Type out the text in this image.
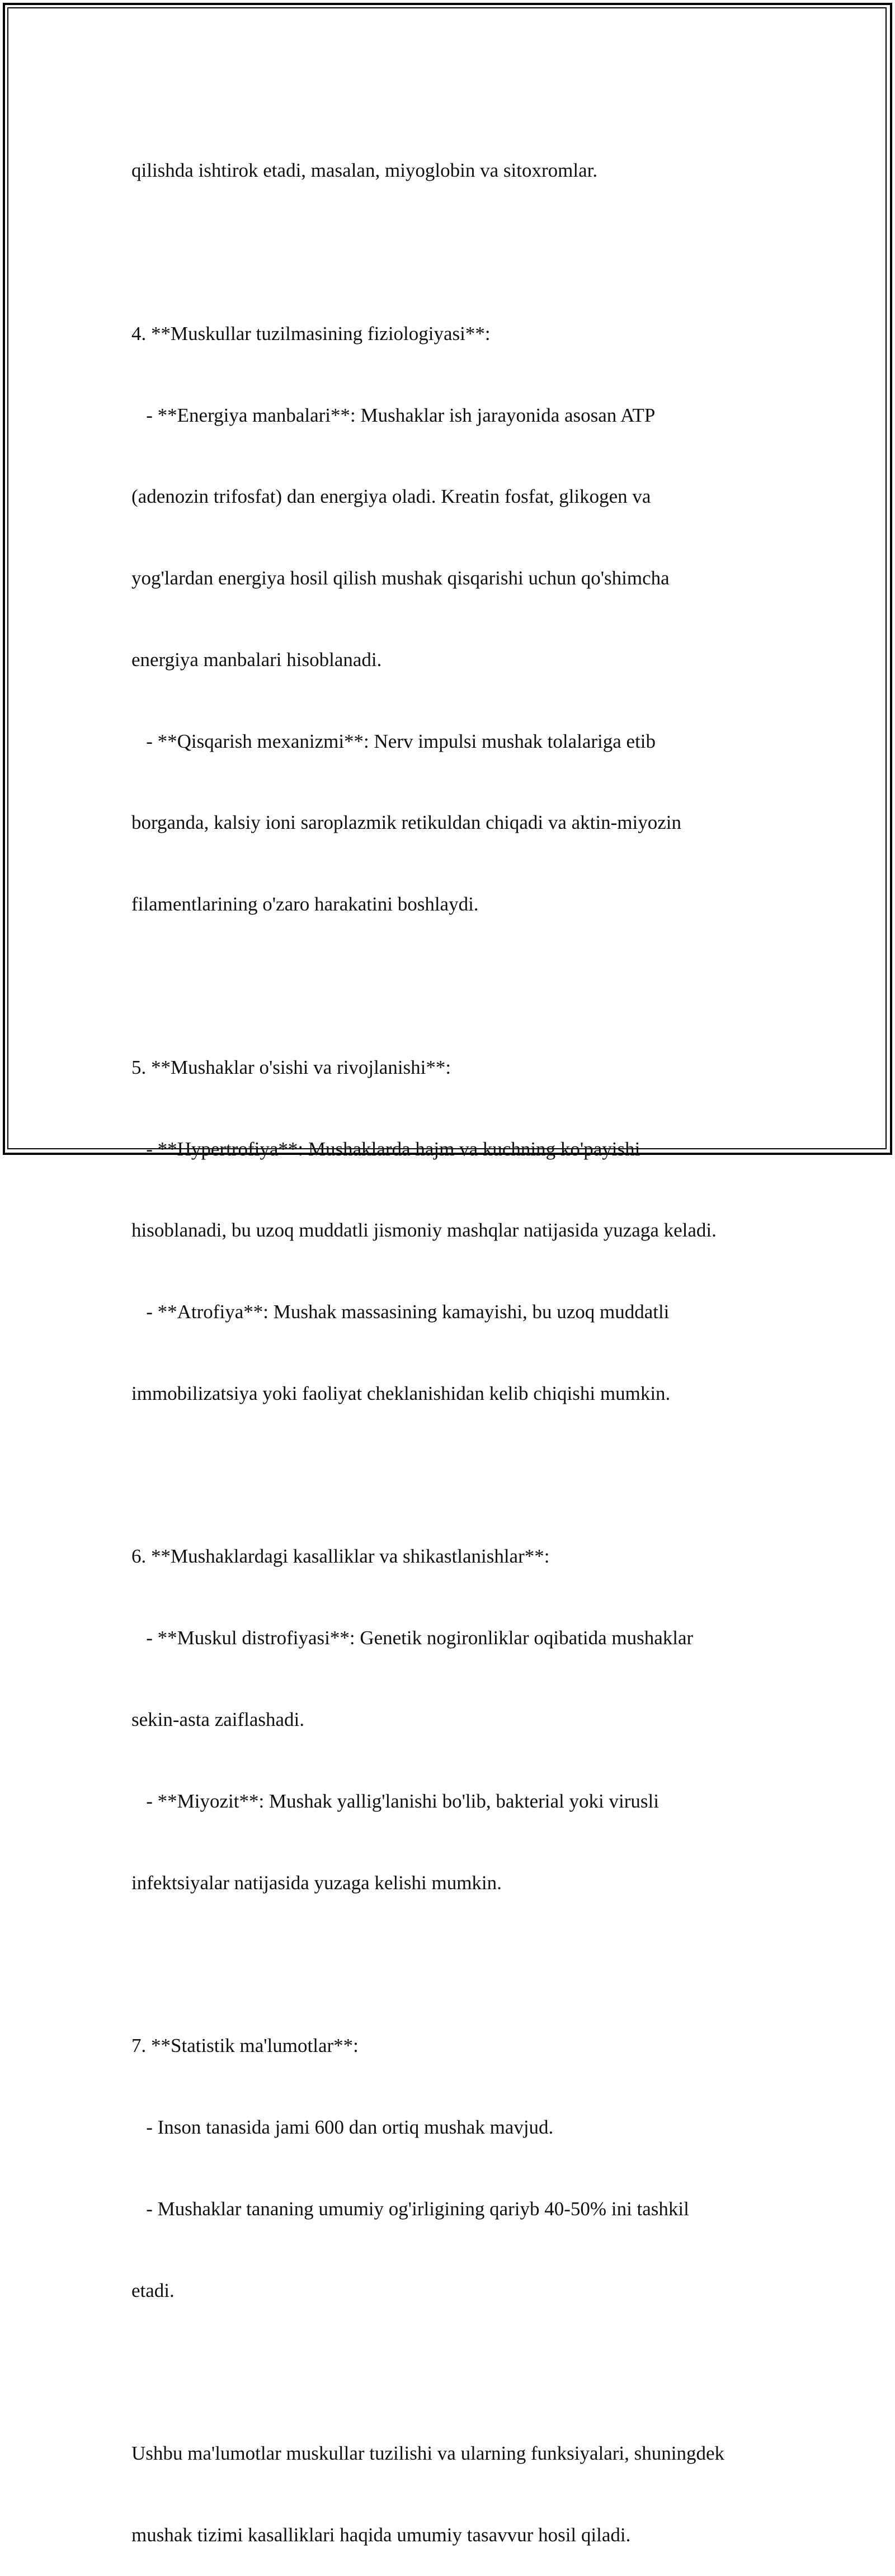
qilishda ishtirok etadi, masalan, miyoglobin va sitoxromlar.

4. **Muskullar tuzilmasining fiziologiyasi**:

- **Energiya manbalari**: Mushaklar ish jarayonida asosan ATP

(adenozin trifosfat) dan energiya oladi. Kreatin fosfat, glikogen va

yog'lardan energiya hosil qilish mushak qisqarishi uchun qo'shimcha

energiya manbalari hisoblanadi.

- **Qisqarish mexanizmi**: Nerv impulsi mushak tolalariga etib

borganda, kalsiy ioni saroplazmik retikuldan chiqadi va aktin-miyozin

filamentlarining o'zaro harakatini boshlaydi.

5. **Mushaklar o'sishi va rivojlanishi**:

- **Hypertrofiya**: Mushaklarda hajm va kuchning ko'payishi

hisoblanadi, bu uzoq muddatli jismoniy mashqlar natijasida yuzaga keladi.

- **Atrofiya**: Mushak massasining kamayishi, bu uzoq muddatli

immobilizatsiya yoki faoliyat cheklanishidan kelib chiqishi mumkin.

6. **Mushaklardagi kasalliklar va shikastlanishlar**:

- **Muskul distrofiyasi**: Genetik nogironliklar oqibatida mushaklar

sekin-asta zaiflashadi.

- **Miyozit**: Mushak yallig'lanishi bo'lib, bakterial yoki virusli

infektsiyalar natijasida yuzaga kelishi mumkin.

7. **Statistik ma'lumotlar**:

- Inson tanasida jami 600 dan ortiq mushak mavjud.

- Mushaklar tananing umumiy og'irligining qariyb 40-50% ini tashkil

etadi.

Ushbu ma'lumotlar muskullar tuzilishi va ularning funksiyalari, shuningdek

mushak tizimi kasalliklari haqida umumiy tasavvur hosil qiladi.
